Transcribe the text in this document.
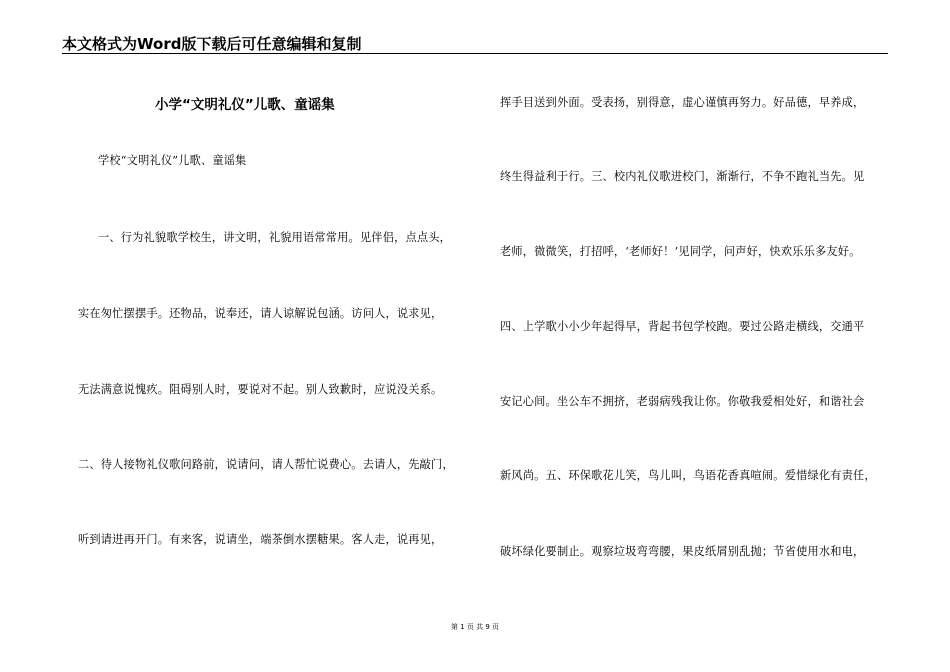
本文格式为Word版下载后可任意编辑和复制
小学“文明礼仪”儿歌、童谣集
学校“文明礼仪”儿歌、童谣集
一、行为礼貌歌学校生，讲文明，礼貌用语常常用。见伴侣，点点头，
实在匆忙摆摆手。还物品，说奉还，请人谅解说包涵。访问人，说求见，
无法满意说愧疚。阻碍别人时，要说对不起。别人致歉时，应说没关系。
二、待人接物礼仪歌问路前，说请问，请人帮忙说费心。去请人，先敲门，
听到请进再开门。有来客，说请坐，端茶倒水摆糖果。客人走，说再见，
挥手目送到外面。受表扬，别得意，虚心谨慎再努力。好品德，早养成，
终生得益利于行。三、校内礼仪歌进校门，渐渐行，不争不跑礼当先。见
老师，微微笑，打招呼，‘老师好！’见同学，问声好，快欢乐乐多友好。
四、上学歌小小少年起得早，背起书包学校跑。要过公路走横线，交通平
安记心间。坐公车不拥挤，老弱病残我让你。你敬我爱相处好，和谐社会
新风尚。五、环保歌花儿笑，鸟儿叫，鸟语花香真喧闹。爱惜绿化有责任，
破坏绿化要制止。观察垃圾弯弯腰，果皮纸屑别乱抛；节省使用水和电，
第 1 页 共 9 页
